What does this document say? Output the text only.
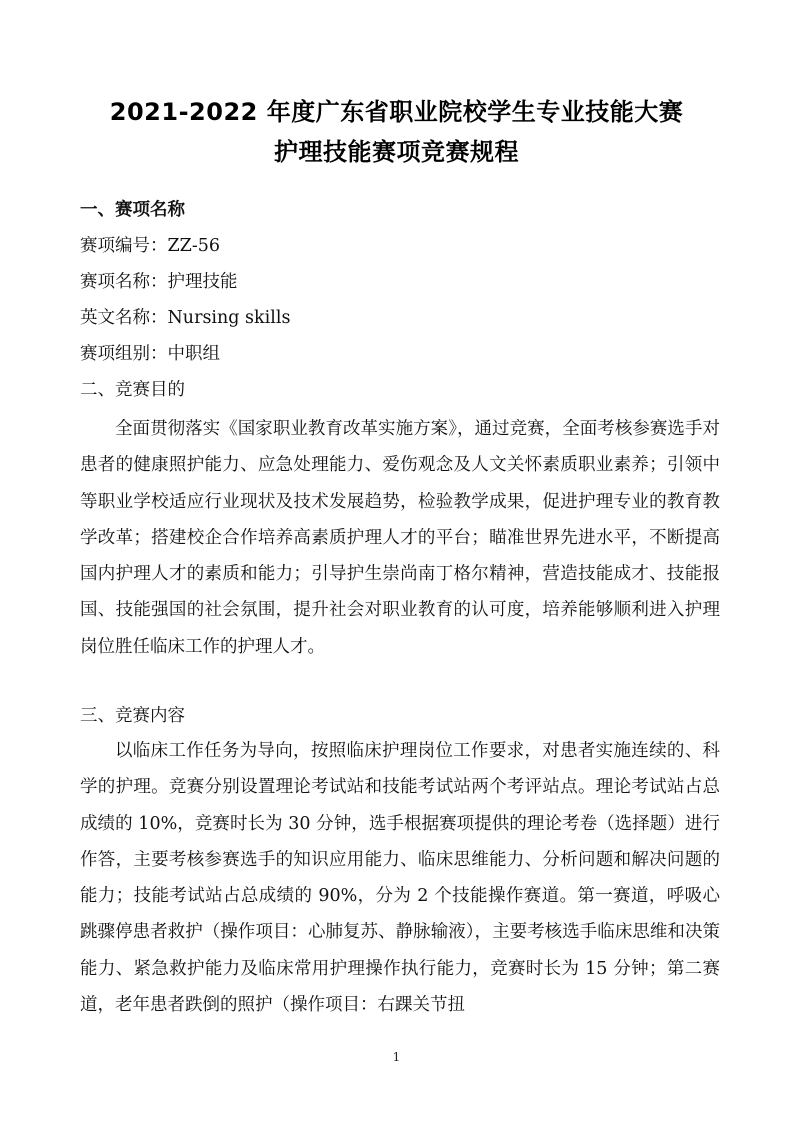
2021-2022 年度广东省职业院校学生专业技能大赛
护理技能赛项竞赛规程
一、赛项名称
赛项编号：ZZ-56
赛项名称：护理技能
英文名称：Nursing skills
赛项组别：中职组
二、竞赛目的
全面贯彻落实《国家职业教育改革实施方案》，通过竞赛，全面考核参赛选手对患者的健康照护能力、应急处理能力、爱伤观念及人文关怀素质职业素养；引领中等职业学校适应行业现状及技术发展趋势，检验教学成果，促进护理专业的教育教学改革；搭建校企合作培养高素质护理人才的平台；瞄准世界先进水平，不断提高国内护理人才的素质和能力；引导护生崇尚南丁格尔精神，营造技能成才、技能报国、技能强国的社会氛围，提升社会对职业教育的认可度，培养能够顺利进入护理岗位胜任临床工作的护理人才。
三、竞赛内容
以临床工作任务为导向，按照临床护理岗位工作要求，对患者实施连续的、科学的护理。竞赛分别设置理论考试站和技能考试站两个考评站点。理论考试站占总成绩的 10%，竞赛时长为 30 分钟，选手根据赛项提供的理论考卷（选择题）进行作答，主要考核参赛选手的知识应用能力、临床思维能力、分析问题和解决问题的能力；技能考试站占总成绩的 90%，分为 2 个技能操作赛道。第一赛道，呼吸心跳骤停患者救护（操作项目：心肺复苏、静脉输液），主要考核选手临床思维和决策能力、紧急救护能力及临床常用护理操作执行能力，竞赛时长为 15 分钟；第二赛道，老年患者跌倒的照护（操作项目：右踝关节扭
1
